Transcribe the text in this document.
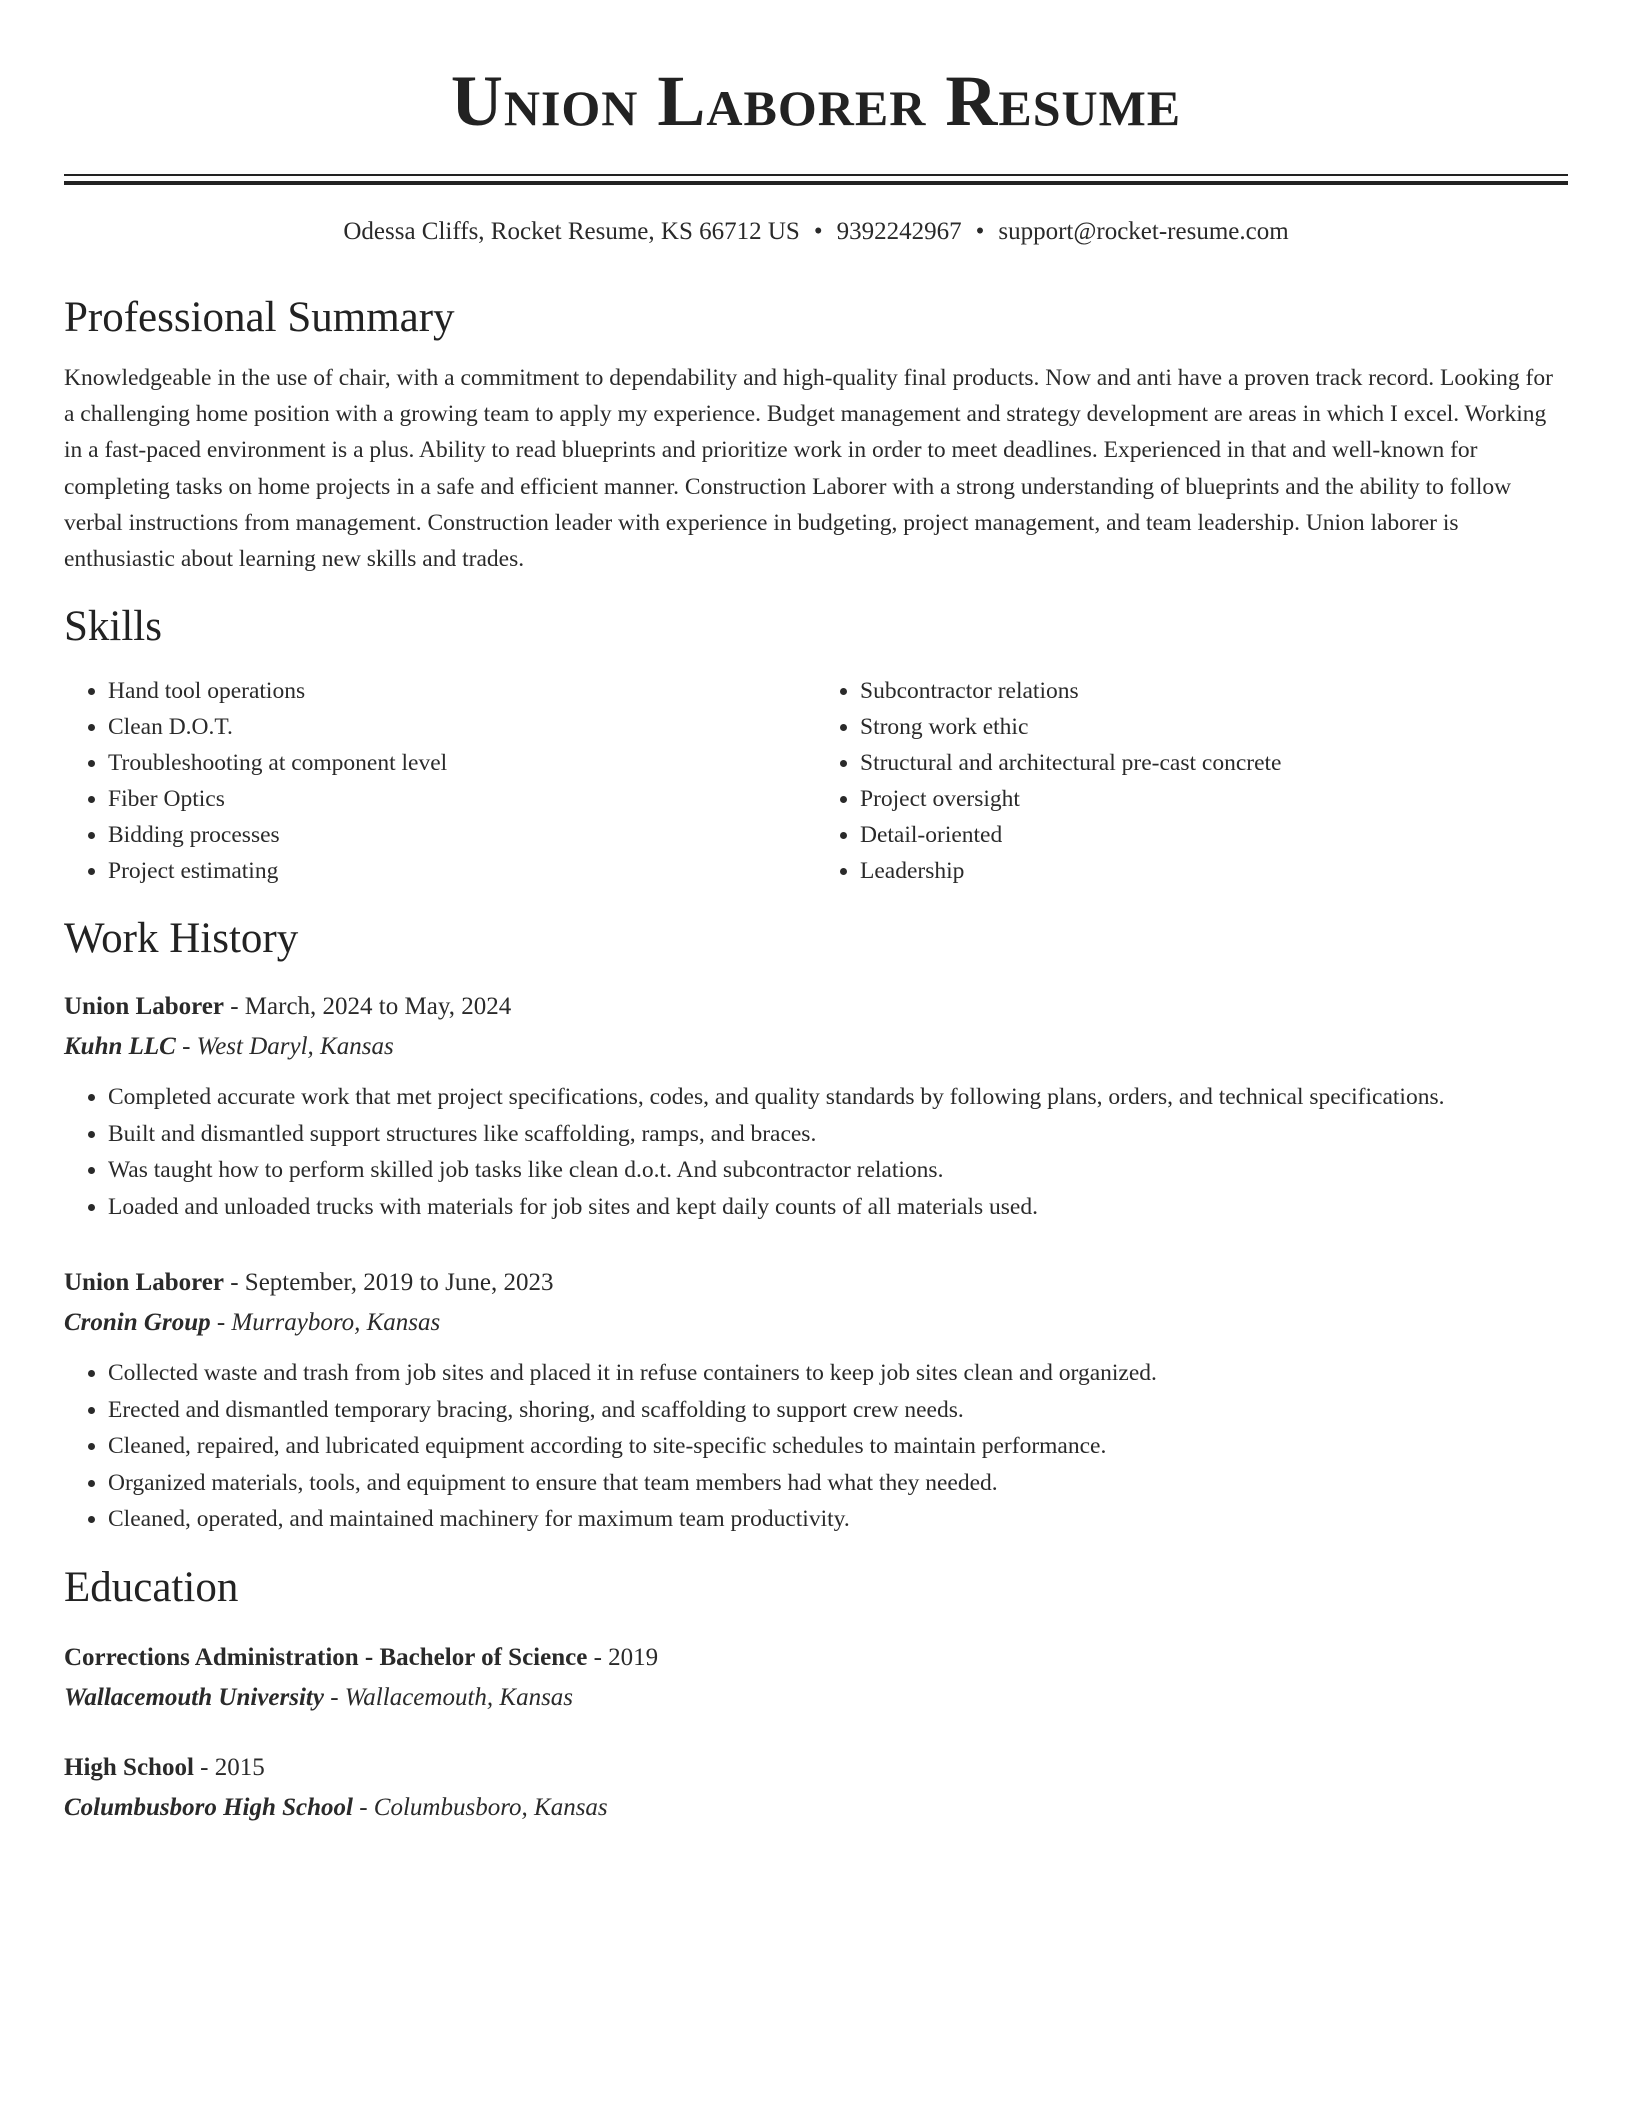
Union Laborer Resume
Odessa Cliffs, Rocket Resume, KS 66712 US • 9392242967 • support@rocket-resume.com
Professional Summary
Knowledgeable in the use of chair, with a commitment to dependability and high-quality final products. Now and anti have a proven track record. Looking for a challenging home position with a growing team to apply my experience. Budget management and strategy development are areas in which I excel. Working in a fast-paced environment is a plus. Ability to read blueprints and prioritize work in order to meet deadlines. Experienced in that and well-known for completing tasks on home projects in a safe and efficient manner. Construction Laborer with a strong understanding of blueprints and the ability to follow verbal instructions from management. Construction leader with experience in budgeting, project management, and team leadership. Union laborer is enthusiastic about learning new skills and trades.
Skills
• Hand tool operations
• Clean D.O.T.
• Troubleshooting at component level
• Fiber Optics
• Bidding processes
• Project estimating
• Subcontractor relations
• Strong work ethic
• Structural and architectural pre-cast concrete
• Project oversight
• Detail-oriented
• Leadership
Work History
Union Laborer - March, 2024 to May, 2024
Kuhn LLC - West Daryl, Kansas
• Completed accurate work that met project specifications, codes, and quality standards by following plans, orders, and technical specifications.
• Built and dismantled support structures like scaffolding, ramps, and braces.
• Was taught how to perform skilled job tasks like clean d.o.t. And subcontractor relations.
• Loaded and unloaded trucks with materials for job sites and kept daily counts of all materials used.
Union Laborer - September, 2019 to June, 2023
Cronin Group - Murrayboro, Kansas
• Collected waste and trash from job sites and placed it in refuse containers to keep job sites clean and organized.
• Erected and dismantled temporary bracing, shoring, and scaffolding to support crew needs.
• Cleaned, repaired, and lubricated equipment according to site-specific schedules to maintain performance.
• Organized materials, tools, and equipment to ensure that team members had what they needed.
• Cleaned, operated, and maintained machinery for maximum team productivity.
Education
Corrections Administration - Bachelor of Science - 2019
Wallacemouth University - Wallacemouth, Kansas
High School - 2015
Columbusboro High School - Columbusboro, Kansas
